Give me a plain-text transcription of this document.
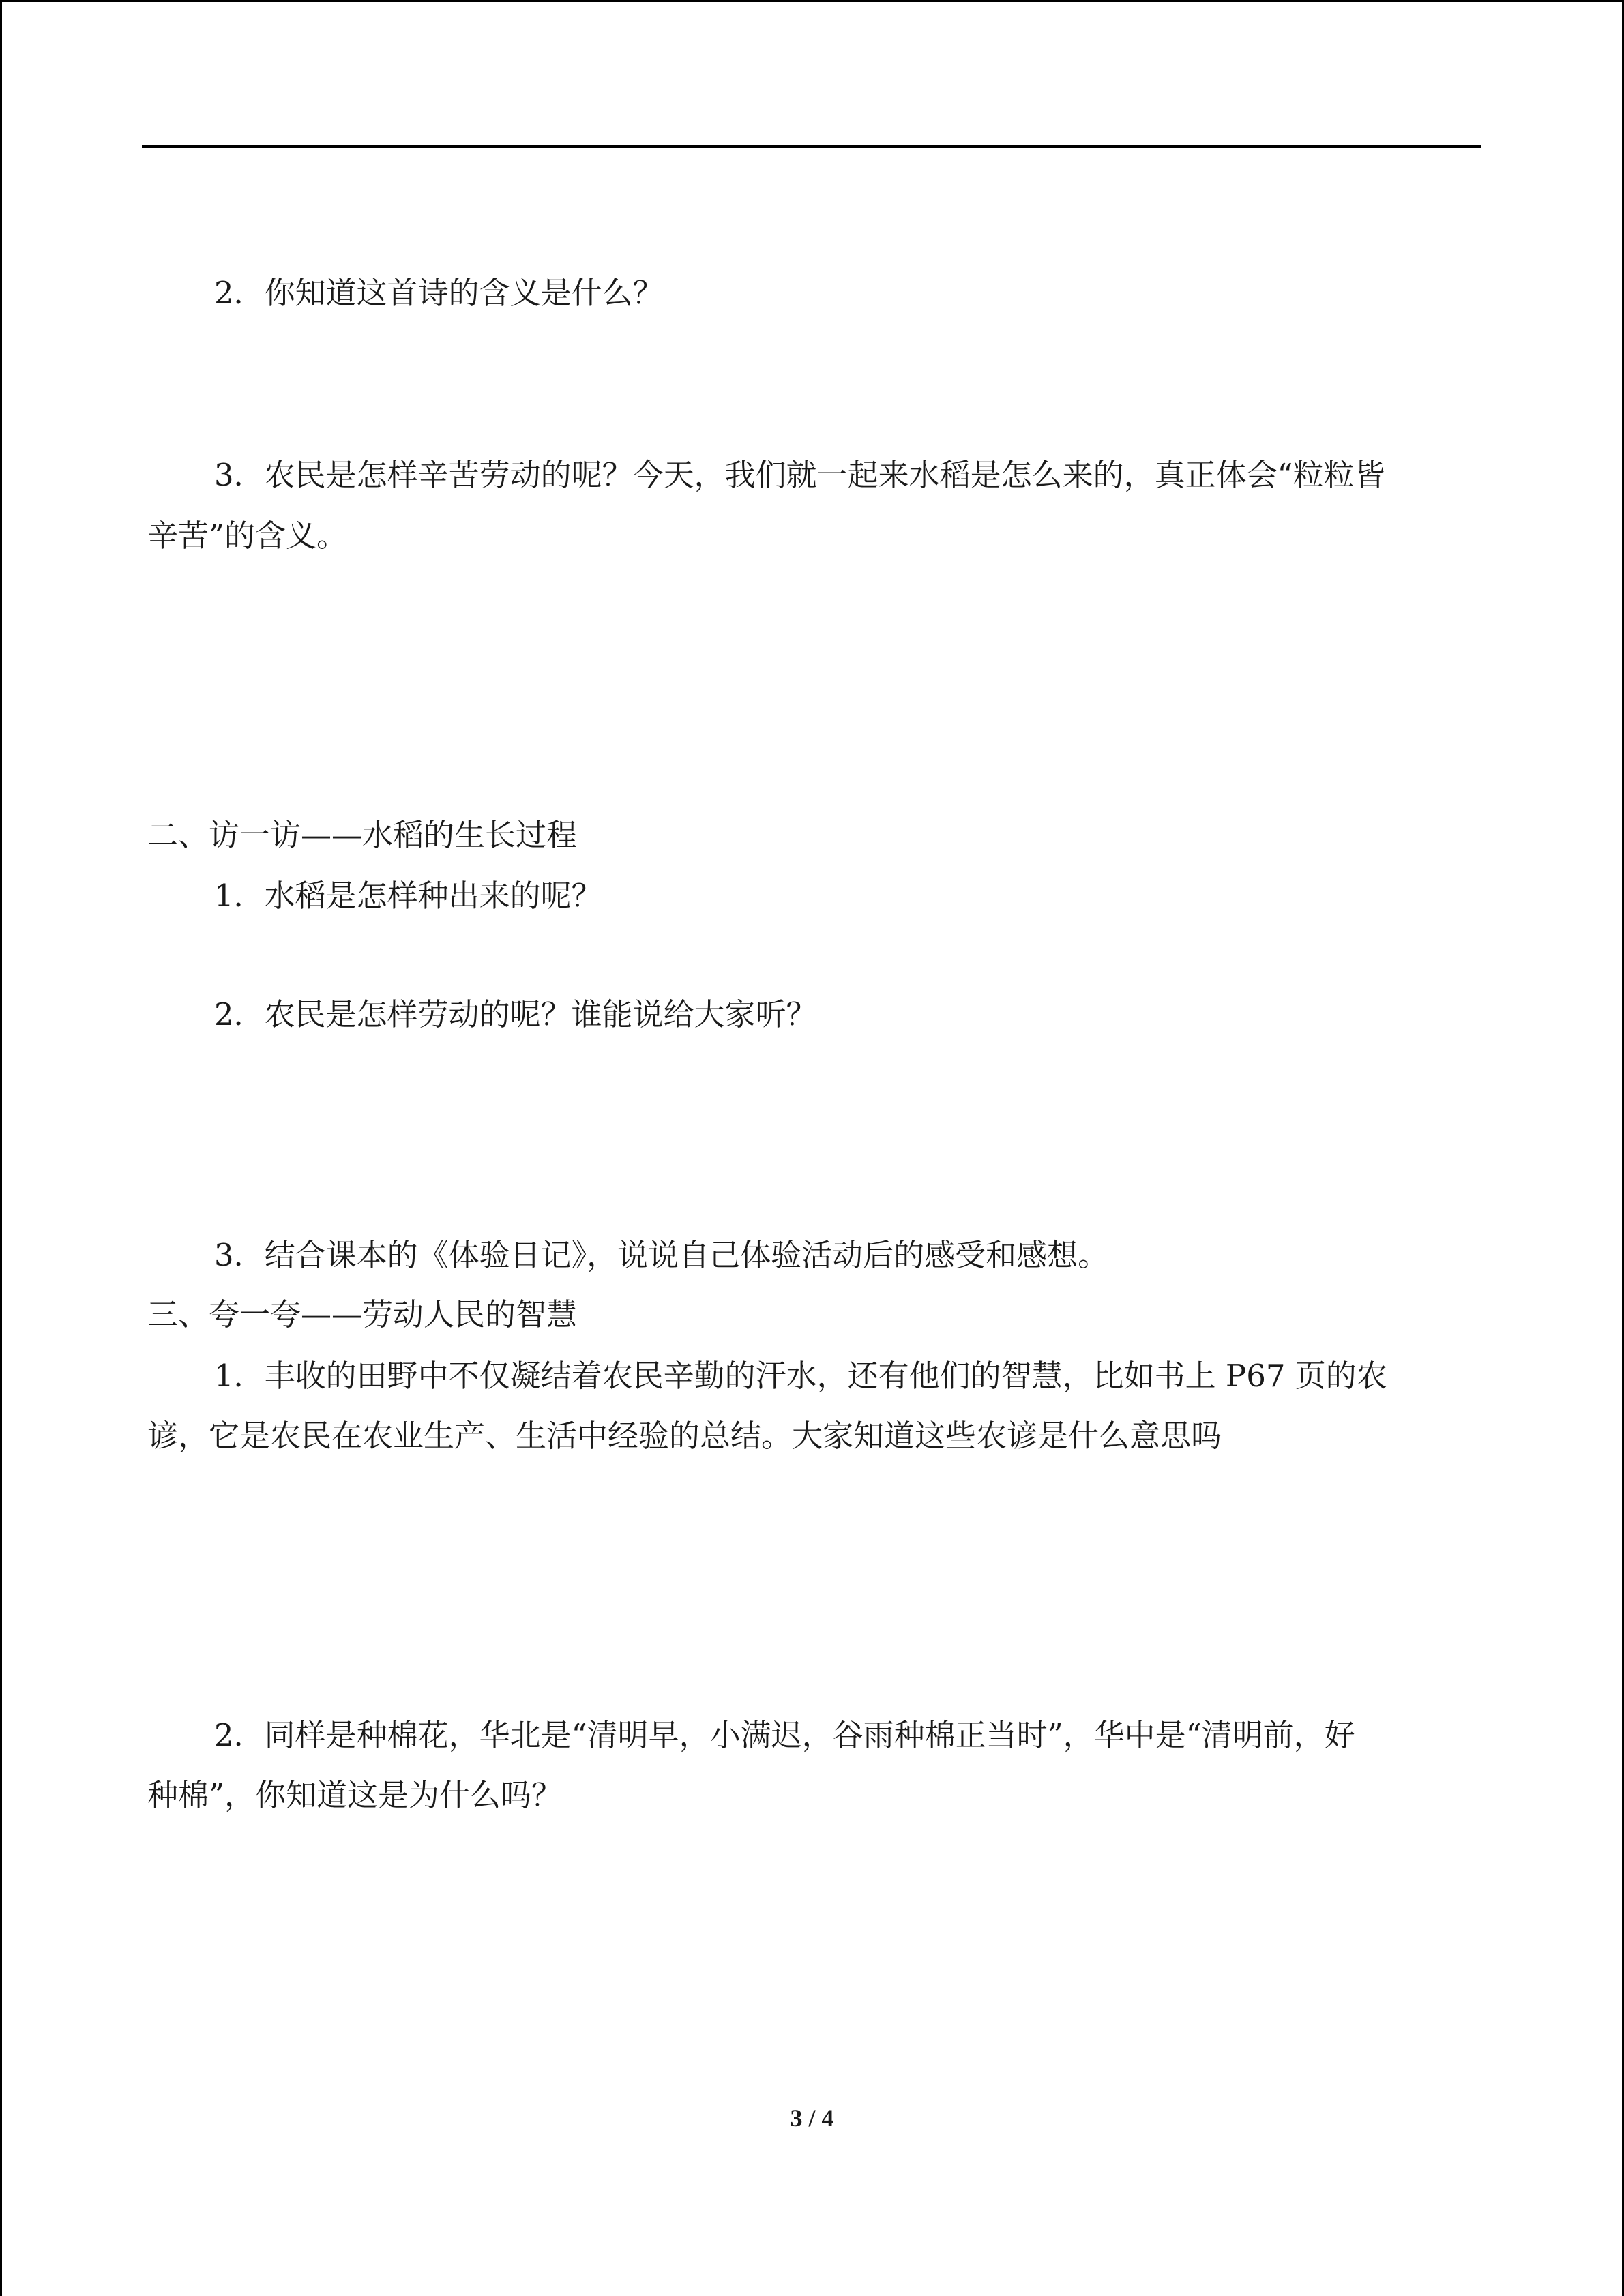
2．你知道这首诗的含义是什么？
3．农民是怎样辛苦劳动的呢？今天，我们就一起来水稻是怎么来的，真正体会“粒粒皆
辛苦”的含义。
二、访一访——水稻的生长过程
1．水稻是怎样种出来的呢？
2．农民是怎样劳动的呢？谁能说给大家听？
3．结合课本的《体验日记》，说说自己体验活动后的感受和感想。
三、夸一夸——劳动人民的智慧
1．丰收的田野中不仅凝结着农民辛勤的汗水，还有他们的智慧，比如书上 P67 页的农
谚，它是农民在农业生产、生活中经验的总结。大家知道这些农谚是什么意思吗
2．同样是种棉花，华北是“清明早，小满迟，谷雨种棉正当时”，华中是“清明前，好
种棉”，你知道这是为什么吗？
3 / 4
